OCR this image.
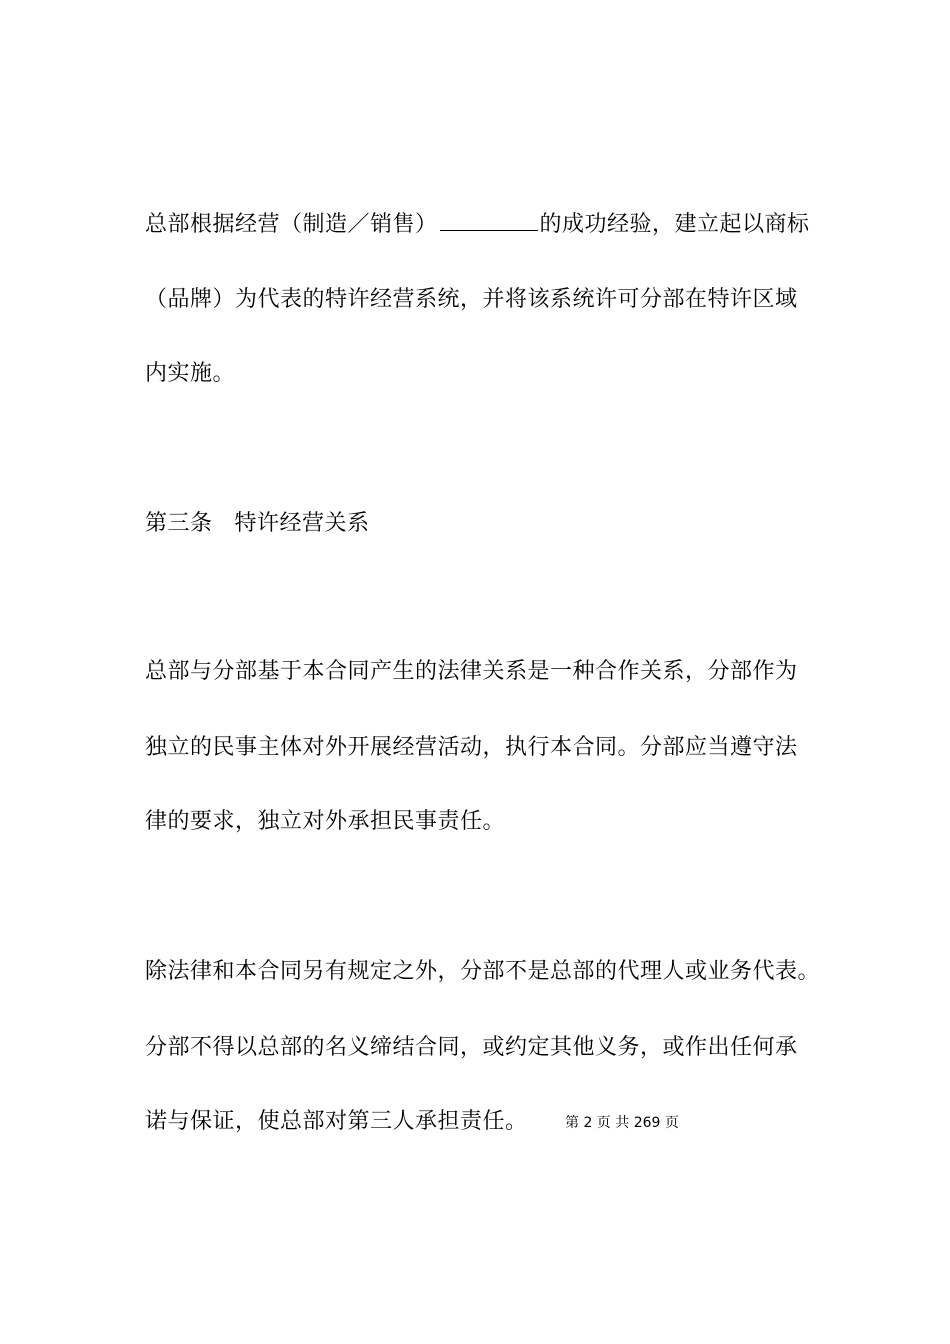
总部根据经营（制造／销售）	的成功经验，建立起以商标
（品牌）为代表的特许经营系统，并将该系统许可分部在特许区域
内实施。
第三条 特许经营关系
总部与分部基于本合同产生的法律关系是一种合作关系，分部作为
独立的民事主体对外开展经营活动，执行本合同。分部应当遵守法
律的要求，独立对外承担民事责任。
除法律和本合同另有规定之外，分部不是总部的代理人或业务代表。
分部不得以总部的名义缔结合同，或约定其他义务，或作出任何承
诺与保证，使总部对第三人承担责任。	第 2 页 共 269 页
